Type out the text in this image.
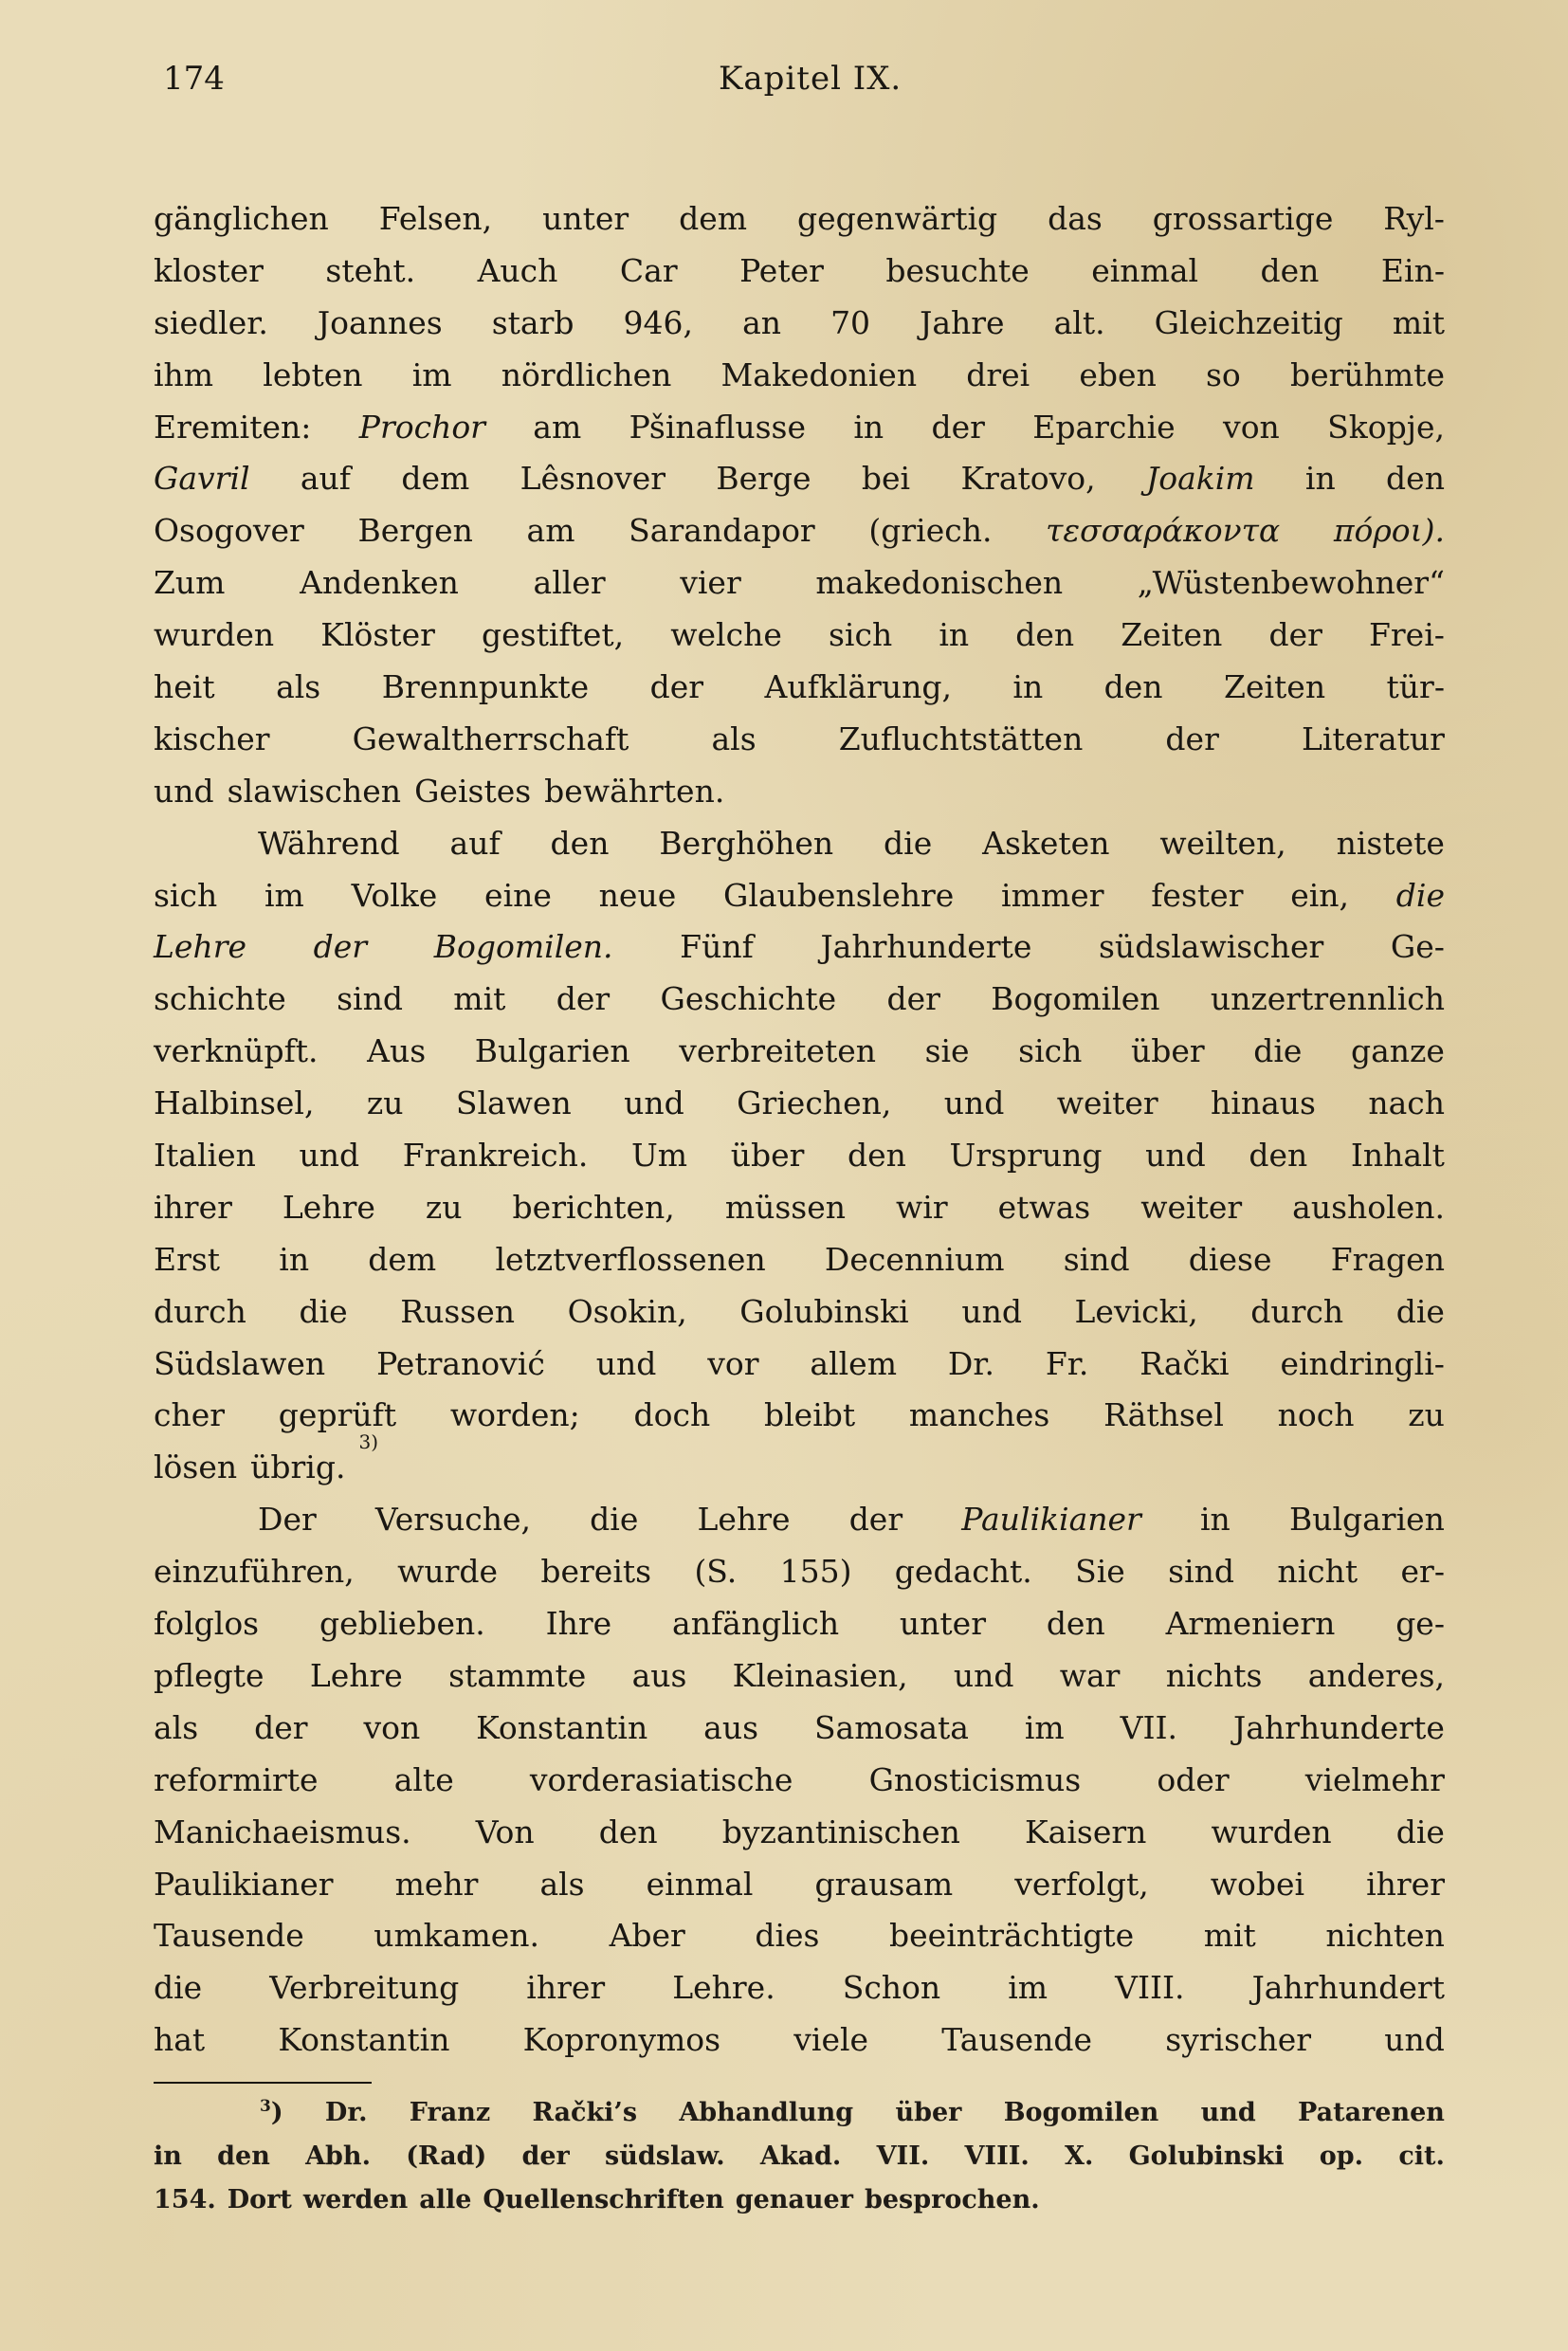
174	Kapitel IX.
gänglichen Felsen, unter dem gegenwärtig das grossartige Ryl-
kloster steht. Auch Car Peter besuchte einmal den Ein-
siedler. Joannes starb 946, an 70 Jahre alt. Gleichzeitig mit
ihm lebten im nördlichen Makedonien drei eben so berühmte
Eremiten: Prochor am Pšinaflusse in der Eparchie von Skopje,
Gavril auf dem Lêsnover Berge bei Kratovo, Joakim in den
Osogover Bergen am Sarandapor (griech. τεσσαράκοντα πόροι).
Zum Andenken aller vier makedonischen „Wüstenbewohner“
wurden Klöster gestiftet, welche sich in den Zeiten der Frei-
heit als Brennpunkte der Aufklärung, in den Zeiten tür-
kischer	Gewaltherrschaft	als	Zufluchtstätten	der	Literatur
und slawischen Geistes bewährten.
Während auf den Berghöhen die Asketen weilten, nistete
sich im Volke eine neue Glaubenslehre immer fester ein, die
Lehre der Bogomilen. Fünf Jahrhunderte südslawischer Ge-
schichte sind mit der Geschichte der Bogomilen unzertrennlich
verknüpft. Aus Bulgarien verbreiteten sie sich über die ganze
Halbinsel, zu Slawen und Griechen, und weiter hinaus nach
Italien und Frankreich. Um über den Ursprung und den Inhalt
ihrer Lehre zu berichten, müssen wir etwas weiter ausholen.
Erst in dem letztverflossenen Decennium sind diese Fragen
durch die Russen Osokin, Golubinski und Levicki, durch die
Südslawen Petranović und vor allem Dr. Fr. Rački eindringli-
cher geprüft worden; doch bleibt manches Räthsel noch zu
lösen übrig.
3)
Der Versuche, die Lehre der Paulikianer in Bulgarien
einzuführen, wurde bereits (S. 155) gedacht. Sie sind nicht er-
folglos geblieben. Ihre anfänglich unter den Armeniern ge-
pflegte Lehre stammte aus Kleinasien, und war nichts anderes,
als der von Konstantin aus Samosata im VII. Jahrhunderte
reformirte alte vorderasiatische Gnosticismus oder vielmehr
Manichaeismus. Von den byzantinischen Kaisern wurden die
Paulikianer mehr als einmal grausam verfolgt, wobei ihrer
Tausende umkamen. Aber dies beeinträchtigte mit nichten
die Verbreitung ihrer Lehre. Schon im VIII. Jahrhundert
hat Konstantin Kopronymos viele Tausende syrischer und
$^3$) Dr. Franz Rački’s Abhandlung über Bogomilen und Patarenen
in den Abh. (Rad) der südslaw. Akad. VII. VIII. X. Golubinski op. cit.
154. Dort werden alle Quellenschriften genauer besprochen.
